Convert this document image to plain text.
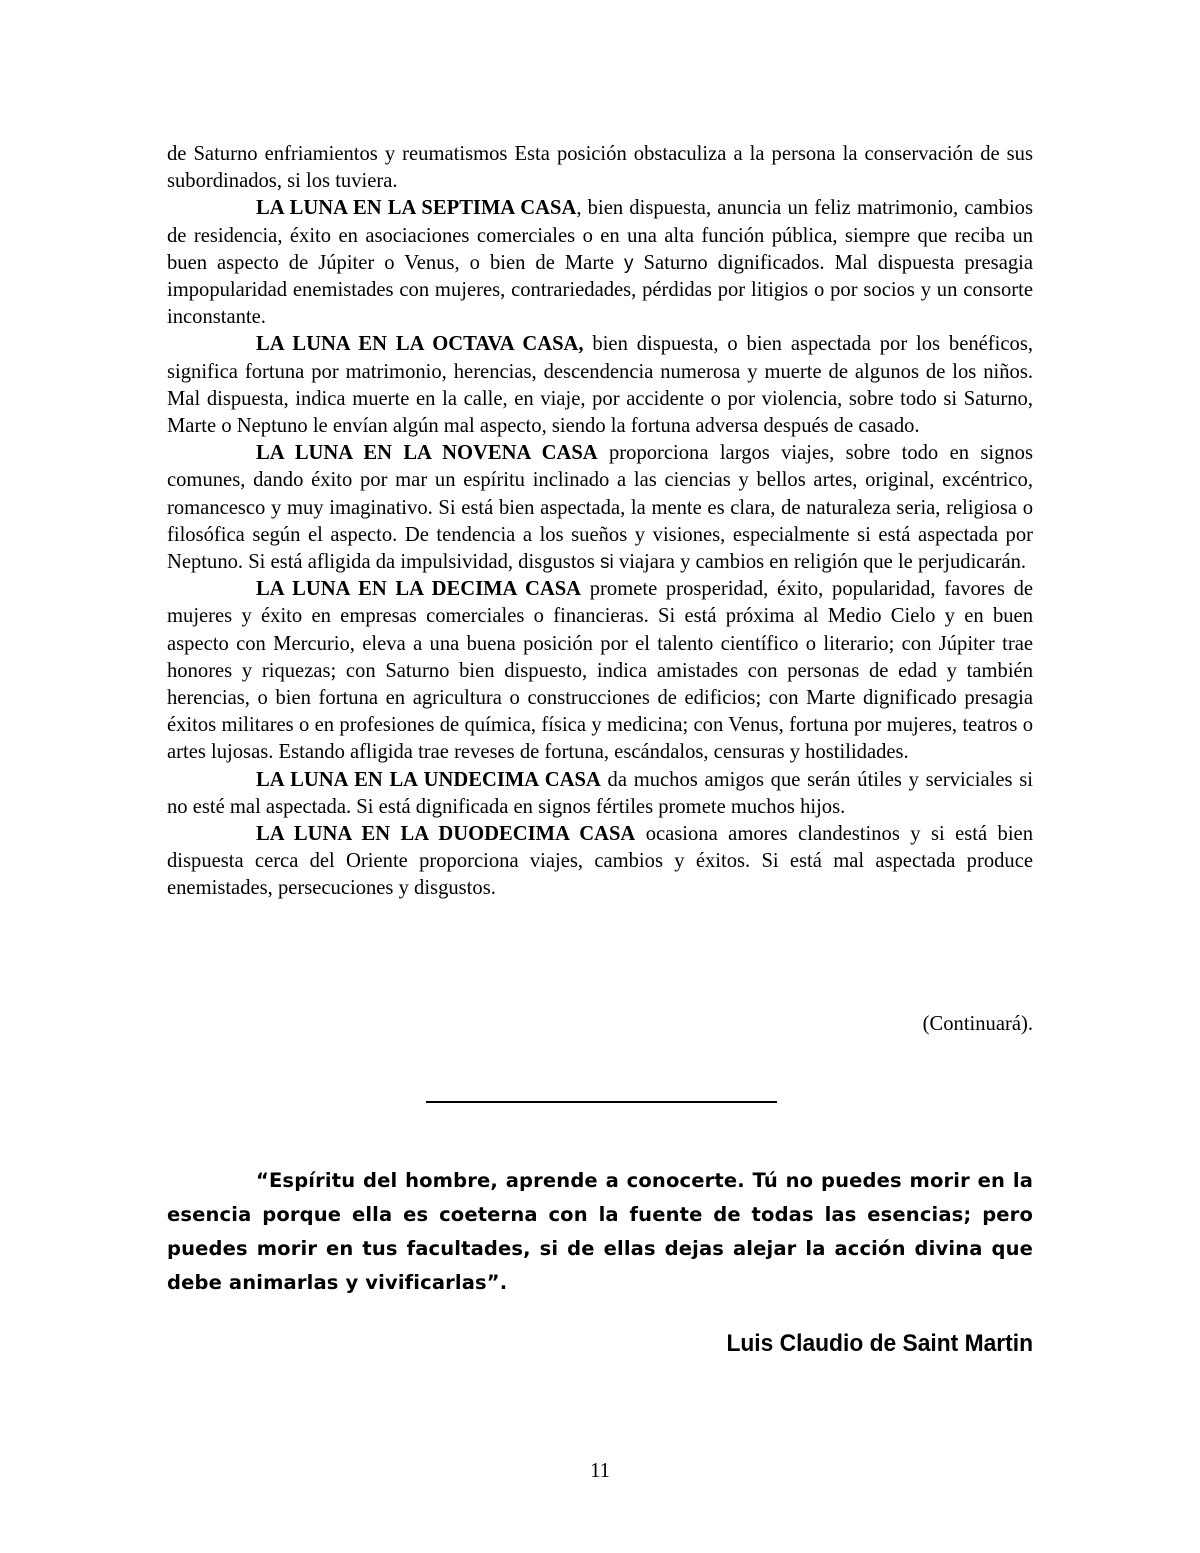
de Saturno enfriamientos y reumatismos Esta posición obstaculiza a la persona la conservación de sus subordinados, si los tuviera.

LA LUNA EN LA SEPTIMA CASA, bien dispuesta, anuncia un feliz matrimonio, cambios de residencia, éxito en asociaciones comerciales o en una alta función pública, siempre que reciba un buen aspecto de Júpiter o Venus, o bien de Marte y Saturno dignificados. Mal dispuesta presagia impopularidad enemistades con mujeres, contrariedades, pérdidas por litigios o por socios y un consorte inconstante.

LA LUNA EN LA OCTAVA CASA, bien dispuesta, o bien aspectada por los benéficos, significa fortuna por matrimonio, herencias, descendencia numerosa y muerte de algunos de los niños. Mal dispuesta, indica muerte en la calle, en viaje, por accidente o por violencia, sobre todo si Saturno, Marte o Neptuno le envían algún mal aspecto, siendo la fortuna adversa después de casado.

LA LUNA EN LA NOVENA CASA proporciona largos viajes, sobre todo en signos comunes, dando éxito por mar un espíritu inclinado a las ciencias y bellos artes, original, excéntrico, romancesco y muy imaginativo. Si está bien aspectada, la mente es clara, de naturaleza seria, religiosa o filosófica según el aspecto. De tendencia a los sueños y visiones, especialmente si está aspectada por Neptuno. Si está afligida da impulsividad, disgustos si viajara y cambios en religión que le perjudicarán.

LA LUNA EN LA DECIMA CASA promete prosperidad, éxito, popularidad, favores de mujeres y éxito en empresas comerciales o financieras. Si está próxima al Medio Cielo y en buen aspecto con Mercurio, eleva a una buena posición por el talento científico o literario; con Júpiter trae honores y riquezas; con Saturno bien dispuesto, indica amistades con personas de edad y también herencias, o bien fortuna en agricultura o construcciones de edificios; con Marte dignificado presagia éxitos militares o en profesiones de química, física y medicina; con Venus, fortuna por mujeres, teatros o artes lujosas. Estando afligida trae reveses de fortuna, escándalos, censuras y hostilidades.

LA LUNA EN LA UNDECIMA CASA da muchos amigos que serán útiles y serviciales si no esté mal aspectada. Si está dignificada en signos fértiles promete muchos hijos.

LA LUNA EN LA DUODECIMA CASA ocasiona amores clandestinos y si está bien dispuesta cerca del Oriente proporciona viajes, cambios y éxitos. Si está mal aspectada produce enemistades, persecuciones y disgustos.

(Continuará).

“Espíritu del hombre, aprende a conocerte. Tú no puedes morir en la esencia porque ella es coeterna con la fuente de todas las esencias; pero puedes morir en tus facultades, si de ellas dejas alejar la acción divina que debe animarlas y vivificarlas”.

Luis Claudio de Saint Martin

11
